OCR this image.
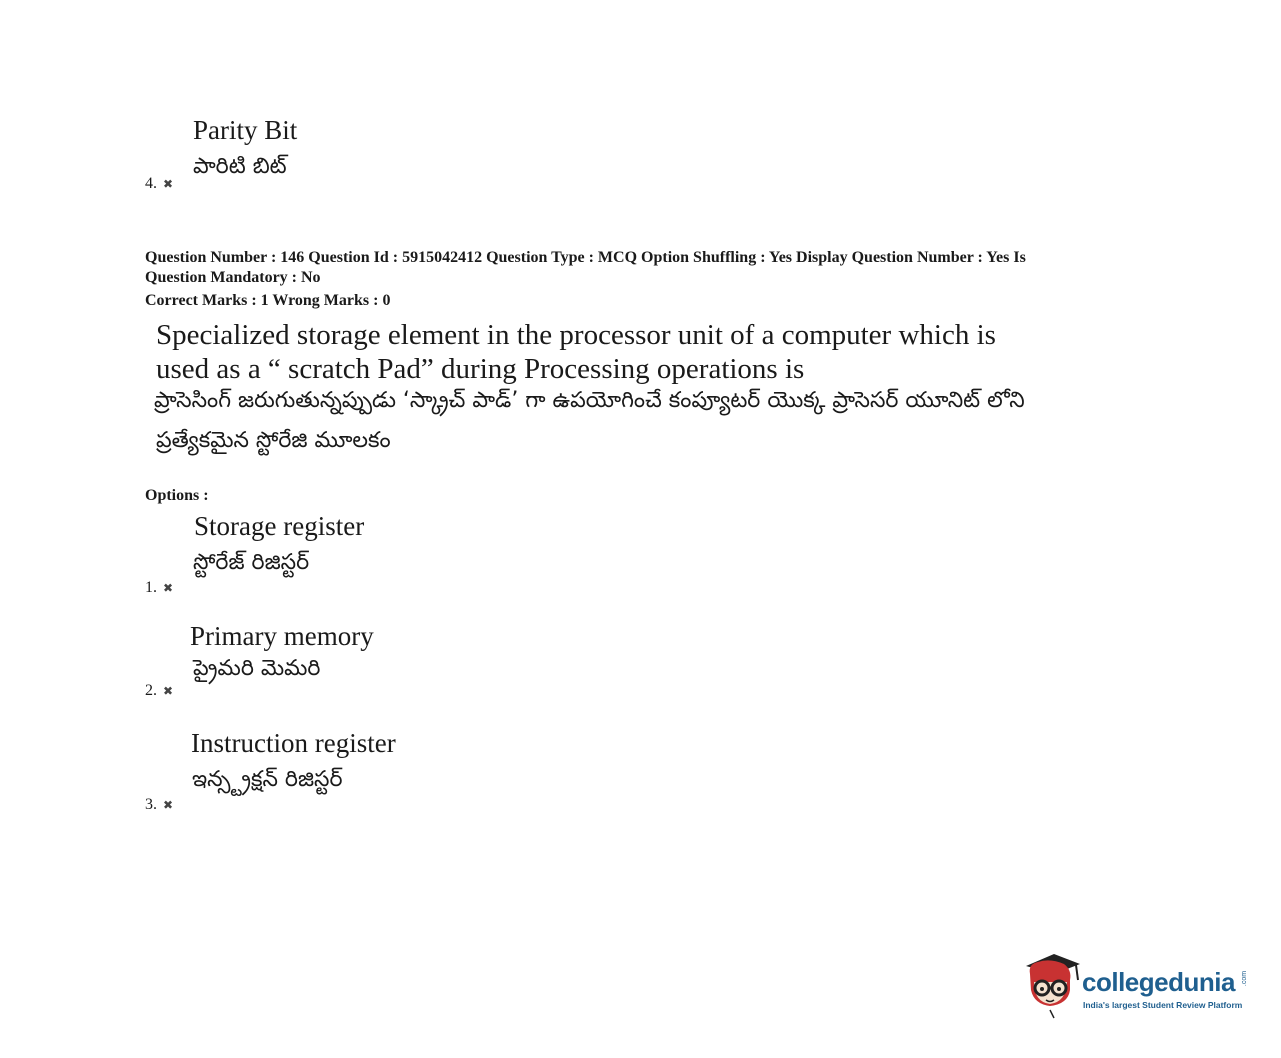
Parity Bit
పారిటి బిట్
4. ✖
Question Number : 146 Question Id : 5915042412 Question Type : MCQ Option Shuffling : Yes Display Question Number : Yes Is
Question Mandatory : No
Correct Marks : 1 Wrong Marks : 0
Specialized storage element in the processor unit of a computer which is
used as a “ scratch Pad” during Processing operations is
ప్రాసెసింగ్ జరుగుతున్నప్పుడు ‘స్క్రాచ్ పాడ్’ గా ఉపయోగించే కంప్యూటర్ యొక్క ప్రాసెసర్ యూనిట్ లోని
ప్రత్యేకమైన స్టోరేజి మూలకం
Options :
Storage register
స్టోరేజ్ రిజిస్టర్
1. ✖
Primary memory
ప్రైమరి మెమరి
2. ✖
Instruction register
ఇన్స్ట్రక్షన్ రిజిస్టర్
3. ✖
collegedunia .com
India's largest Student Review Platform
